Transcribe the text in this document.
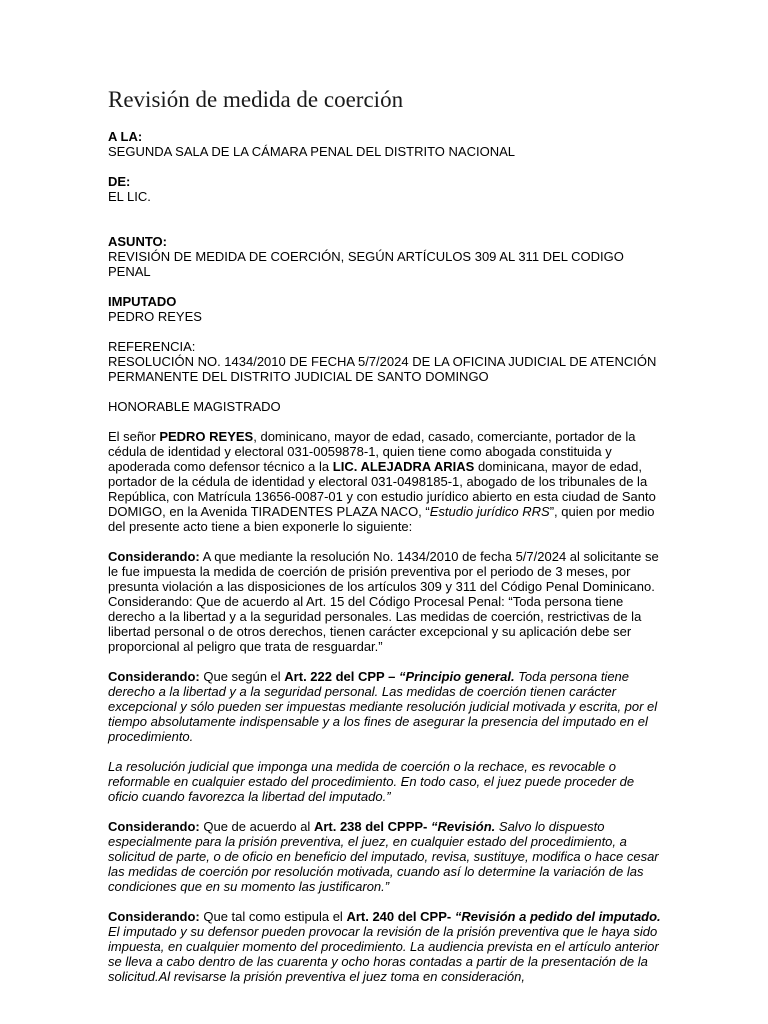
Revisión de medida de coerción
A LA:
SEGUNDA SALA DE LA CÁMARA PENAL DEL DISTRITO NACIONAL
DE:
EL LIC.
ASUNTO:
REVISIÓN DE MEDIDA DE COERCIÓN, SEGÚN ARTÍCULOS 309 AL 311 DEL CODIGO PENAL
IMPUTADO
PEDRO REYES
REFERENCIA:
RESOLUCIÓN NO. 1434/2010 DE FECHA 5/7/2024 DE LA OFICINA JUDICIAL DE ATENCIÓN PERMANENTE DEL DISTRITO JUDICIAL DE SANTO DOMINGO

HONORABLE MAGISTRADO

El señor PEDRO REYES, dominicano, mayor de edad, casado, comerciante, portador de la cédula de identidad y electoral 031-0059878-1, quien tiene como abogada constituida y apoderada como defensor técnico a la LIC. ALEJADRA ARIAS dominicana, mayor de edad, portador de la cédula de identidad y electoral 031-0498185-1, abogado de los tribunales de la República, con Matrícula 13656-0087-01 y con estudio jurídico abierto en esta ciudad de Santo DOMIGO, en la Avenida TIRADENTES PLAZA NACO, “Estudio jurídico RRS”, quien por medio del presente acto tiene a bien exponerle lo siguiente:

Considerando: A que mediante la resolución No. 1434/2010 de fecha 5/7/2024 al solicitante se le fue impuesta la medida de coerción de prisión preventiva por el periodo de 3 meses, por presunta violación a las disposiciones de los artículos 309 y 311 del Código Penal Dominicano. Considerando: Que de acuerdo al Art. 15 del Código Procesal Penal: “Toda persona tiene derecho a la libertad y a la seguridad personales. Las medidas de coerción, restrictivas de la libertad personal o de otros derechos, tienen carácter excepcional y su aplicación debe ser proporcional al peligro que trata de resguardar.”

Considerando: Que según el Art. 222 del CPP – “Principio general. Toda persona tiene derecho a la libertad y a la seguridad personal. Las medidas de coerción tienen carácter excepcional y sólo pueden ser impuestas mediante resolución judicial motivada y escrita, por el tiempo absolutamente indispensable y a los fines de asegurar la presencia del imputado en el procedimiento.

La resolución judicial que imponga una medida de coerción o la rechace, es revocable o reformable en cualquier estado del procedimiento. En todo caso, el juez puede proceder de oficio cuando favorezca la libertad del imputado.”

Considerando: Que de acuerdo al Art. 238 del CPPP- “Revisión. Salvo lo dispuesto especialmente para la prisión preventiva, el juez, en cualquier estado del procedimiento, a solicitud de parte, o de oficio en beneficio del imputado, revisa, sustituye, modifica o hace cesar las medidas de coerción por resolución motivada, cuando así lo determine la variación de las condiciones que en su momento las justificaron.”

Considerando: Que tal como estipula el Art. 240 del CPP- “Revisión a pedido del imputado. El imputado y su defensor pueden provocar la revisión de la prisión preventiva que le haya sido impuesta, en cualquier momento del procedimiento. La audiencia prevista en el artículo anterior se lleva a cabo dentro de las cuarenta y ocho horas contadas a partir de la presentación de la solicitud.Al revisarse la prisión preventiva el juez toma en consideración,
